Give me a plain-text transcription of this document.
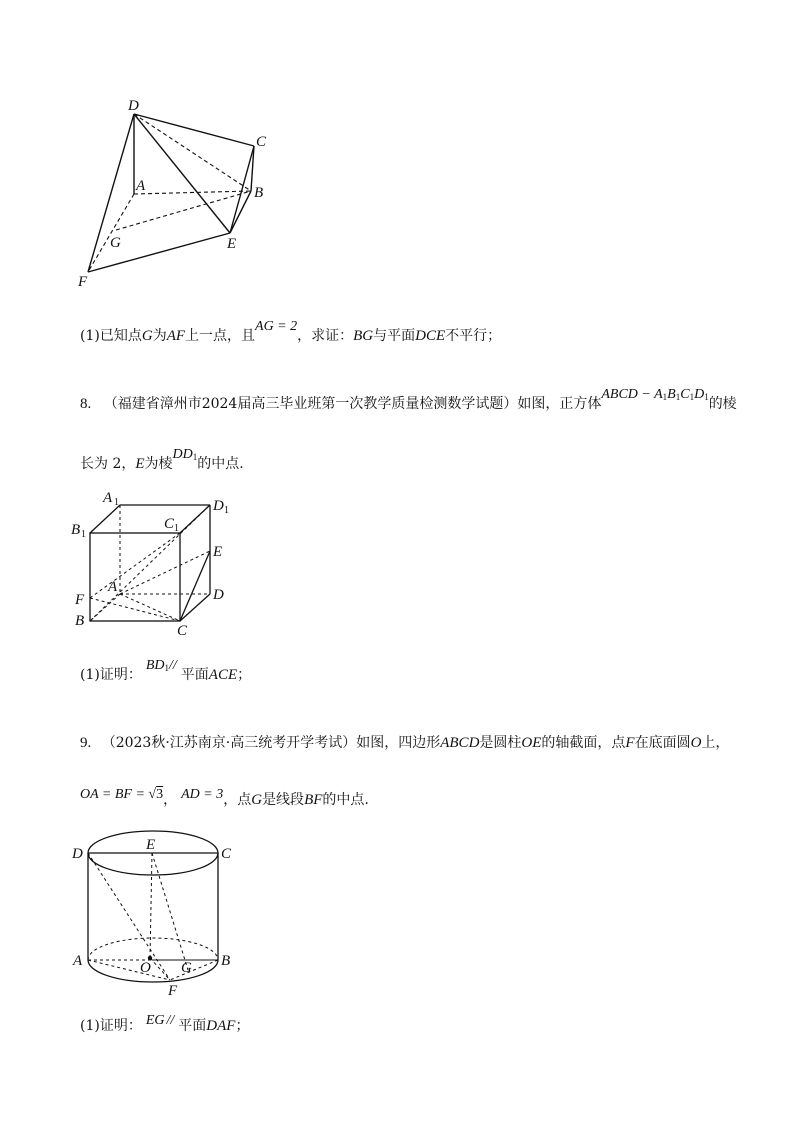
D
C
A	B
G	E
F
(1)已知点G为AF上一点，且AG = 2，求证：BG与平面DCE不平行；
8. （福建省漳州市2024届高三毕业班第一次教学质量检测数学试题）如图，正方体ABCD − $A_1B_1C_1D_1$的棱
长为 2，E为棱$DD_1$的中点.
A 1	D 1
B 1
C 1
E
A	D
F
B
C
(1)证明：$BD_1//$平面ACE；
9. （2023秋·江苏南京·高三统考开学考试）如图，四边形ABCD是圆柱OE的轴截面，点F在底面圆O上，
OA = BF = √3， AD = 3，点G是线段BF的中点.
E
D	C
A	O G B
F
(1)证明： EG // 平面DAF；
